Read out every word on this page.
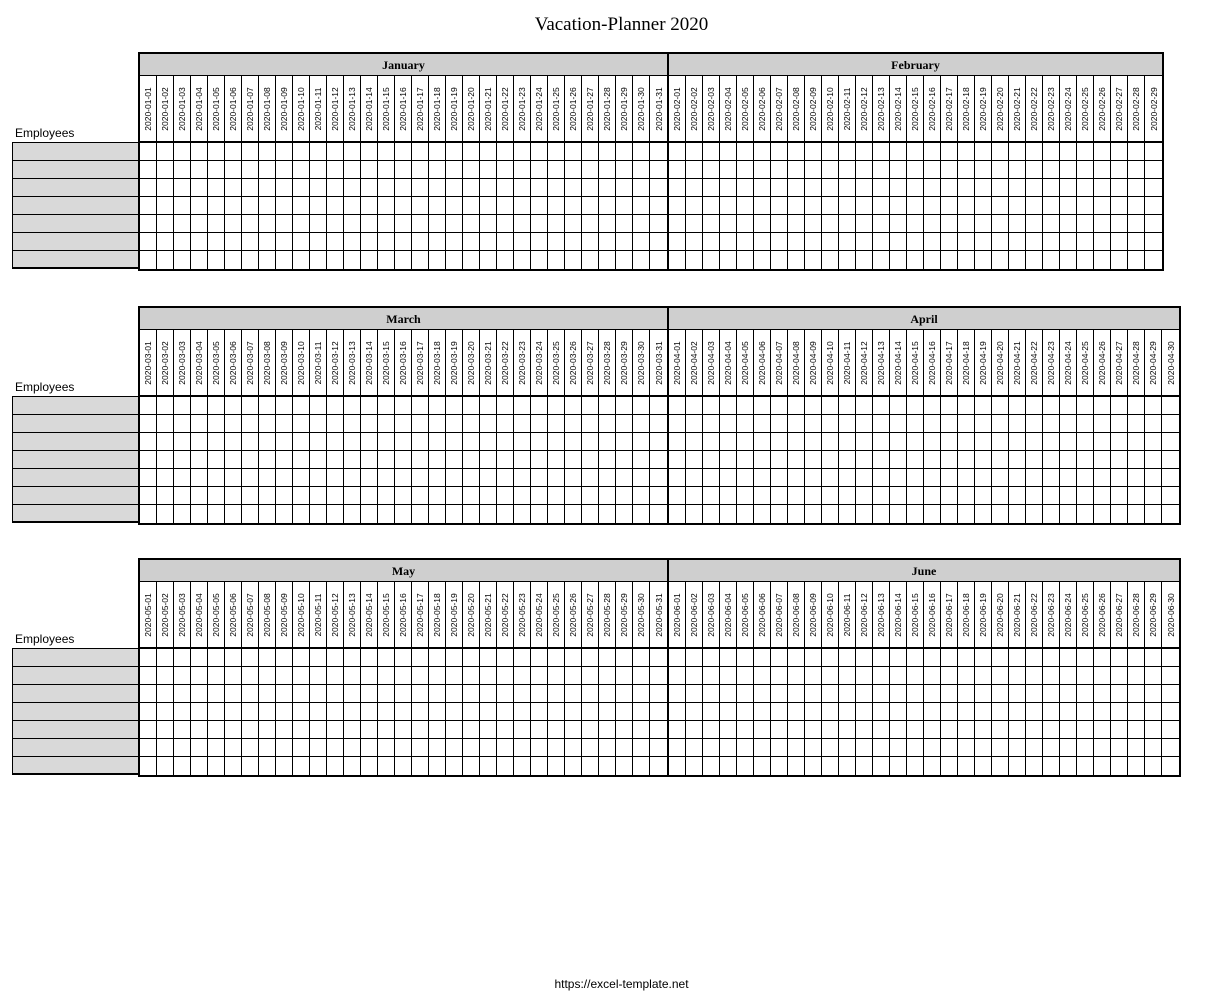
Vacation-Planner 2020
Employees
January
2020-01-01 2020-01-02 2020-01-03 2020-01-04 2020-01-05 2020-01-06 2020-01-07 2020-01-08 2020-01-09 2020-01-10 2020-01-11 2020-01-12 2020-01-13 2020-01-14 2020-01-15 2020-01-16 2020-01-17 2020-01-18 2020-01-19 2020-01-20 2020-01-21 2020-01-22 2020-01-23 2020-01-24 2020-01-25 2020-01-26 2020-01-27 2020-01-28 2020-01-29 2020-01-30 2020-01-31
February
2020-02-01 2020-02-02 2020-02-03 2020-02-04 2020-02-05 2020-02-06 2020-02-07 2020-02-08 2020-02-09 2020-02-10 2020-02-11 2020-02-12 2020-02-13 2020-02-14 2020-02-15 2020-02-16 2020-02-17 2020-02-18 2020-02-19 2020-02-20 2020-02-21 2020-02-22 2020-02-23 2020-02-24 2020-02-25 2020-02-26 2020-02-27 2020-02-28 2020-02-29
Employees
March
2020-03-01 2020-03-02 2020-03-03 2020-03-04 2020-03-05 2020-03-06 2020-03-07 2020-03-08 2020-03-09 2020-03-10 2020-03-11 2020-03-12 2020-03-13 2020-03-14 2020-03-15 2020-03-16 2020-03-17 2020-03-18 2020-03-19 2020-03-20 2020-03-21 2020-03-22 2020-03-23 2020-03-24 2020-03-25 2020-03-26 2020-03-27 2020-03-28 2020-03-29 2020-03-30 2020-03-31
April
2020-04-01 2020-04-02 2020-04-03 2020-04-04 2020-04-05 2020-04-06 2020-04-07 2020-04-08 2020-04-09 2020-04-10 2020-04-11 2020-04-12 2020-04-13 2020-04-14 2020-04-15 2020-04-16 2020-04-17 2020-04-18 2020-04-19 2020-04-20 2020-04-21 2020-04-22 2020-04-23 2020-04-24 2020-04-25 2020-04-26 2020-04-27 2020-04-28 2020-04-29 2020-04-30
Employees
May
2020-05-01 2020-05-02 2020-05-03 2020-05-04 2020-05-05 2020-05-06 2020-05-07 2020-05-08 2020-05-09 2020-05-10 2020-05-11 2020-05-12 2020-05-13 2020-05-14 2020-05-15 2020-05-16 2020-05-17 2020-05-18 2020-05-19 2020-05-20 2020-05-21 2020-05-22 2020-05-23 2020-05-24 2020-05-25 2020-05-26 2020-05-27 2020-05-28 2020-05-29 2020-05-30 2020-05-31
June
2020-06-01 2020-06-02 2020-06-03 2020-06-04 2020-06-05 2020-06-06 2020-06-07 2020-06-08 2020-06-09 2020-06-10 2020-06-11 2020-06-12 2020-06-13 2020-06-14 2020-06-15 2020-06-16 2020-06-17 2020-06-18 2020-06-19 2020-06-20 2020-06-21 2020-06-22 2020-06-23 2020-06-24 2020-06-25 2020-06-26 2020-06-27 2020-06-28 2020-06-29 2020-06-30
https://excel-template.net
